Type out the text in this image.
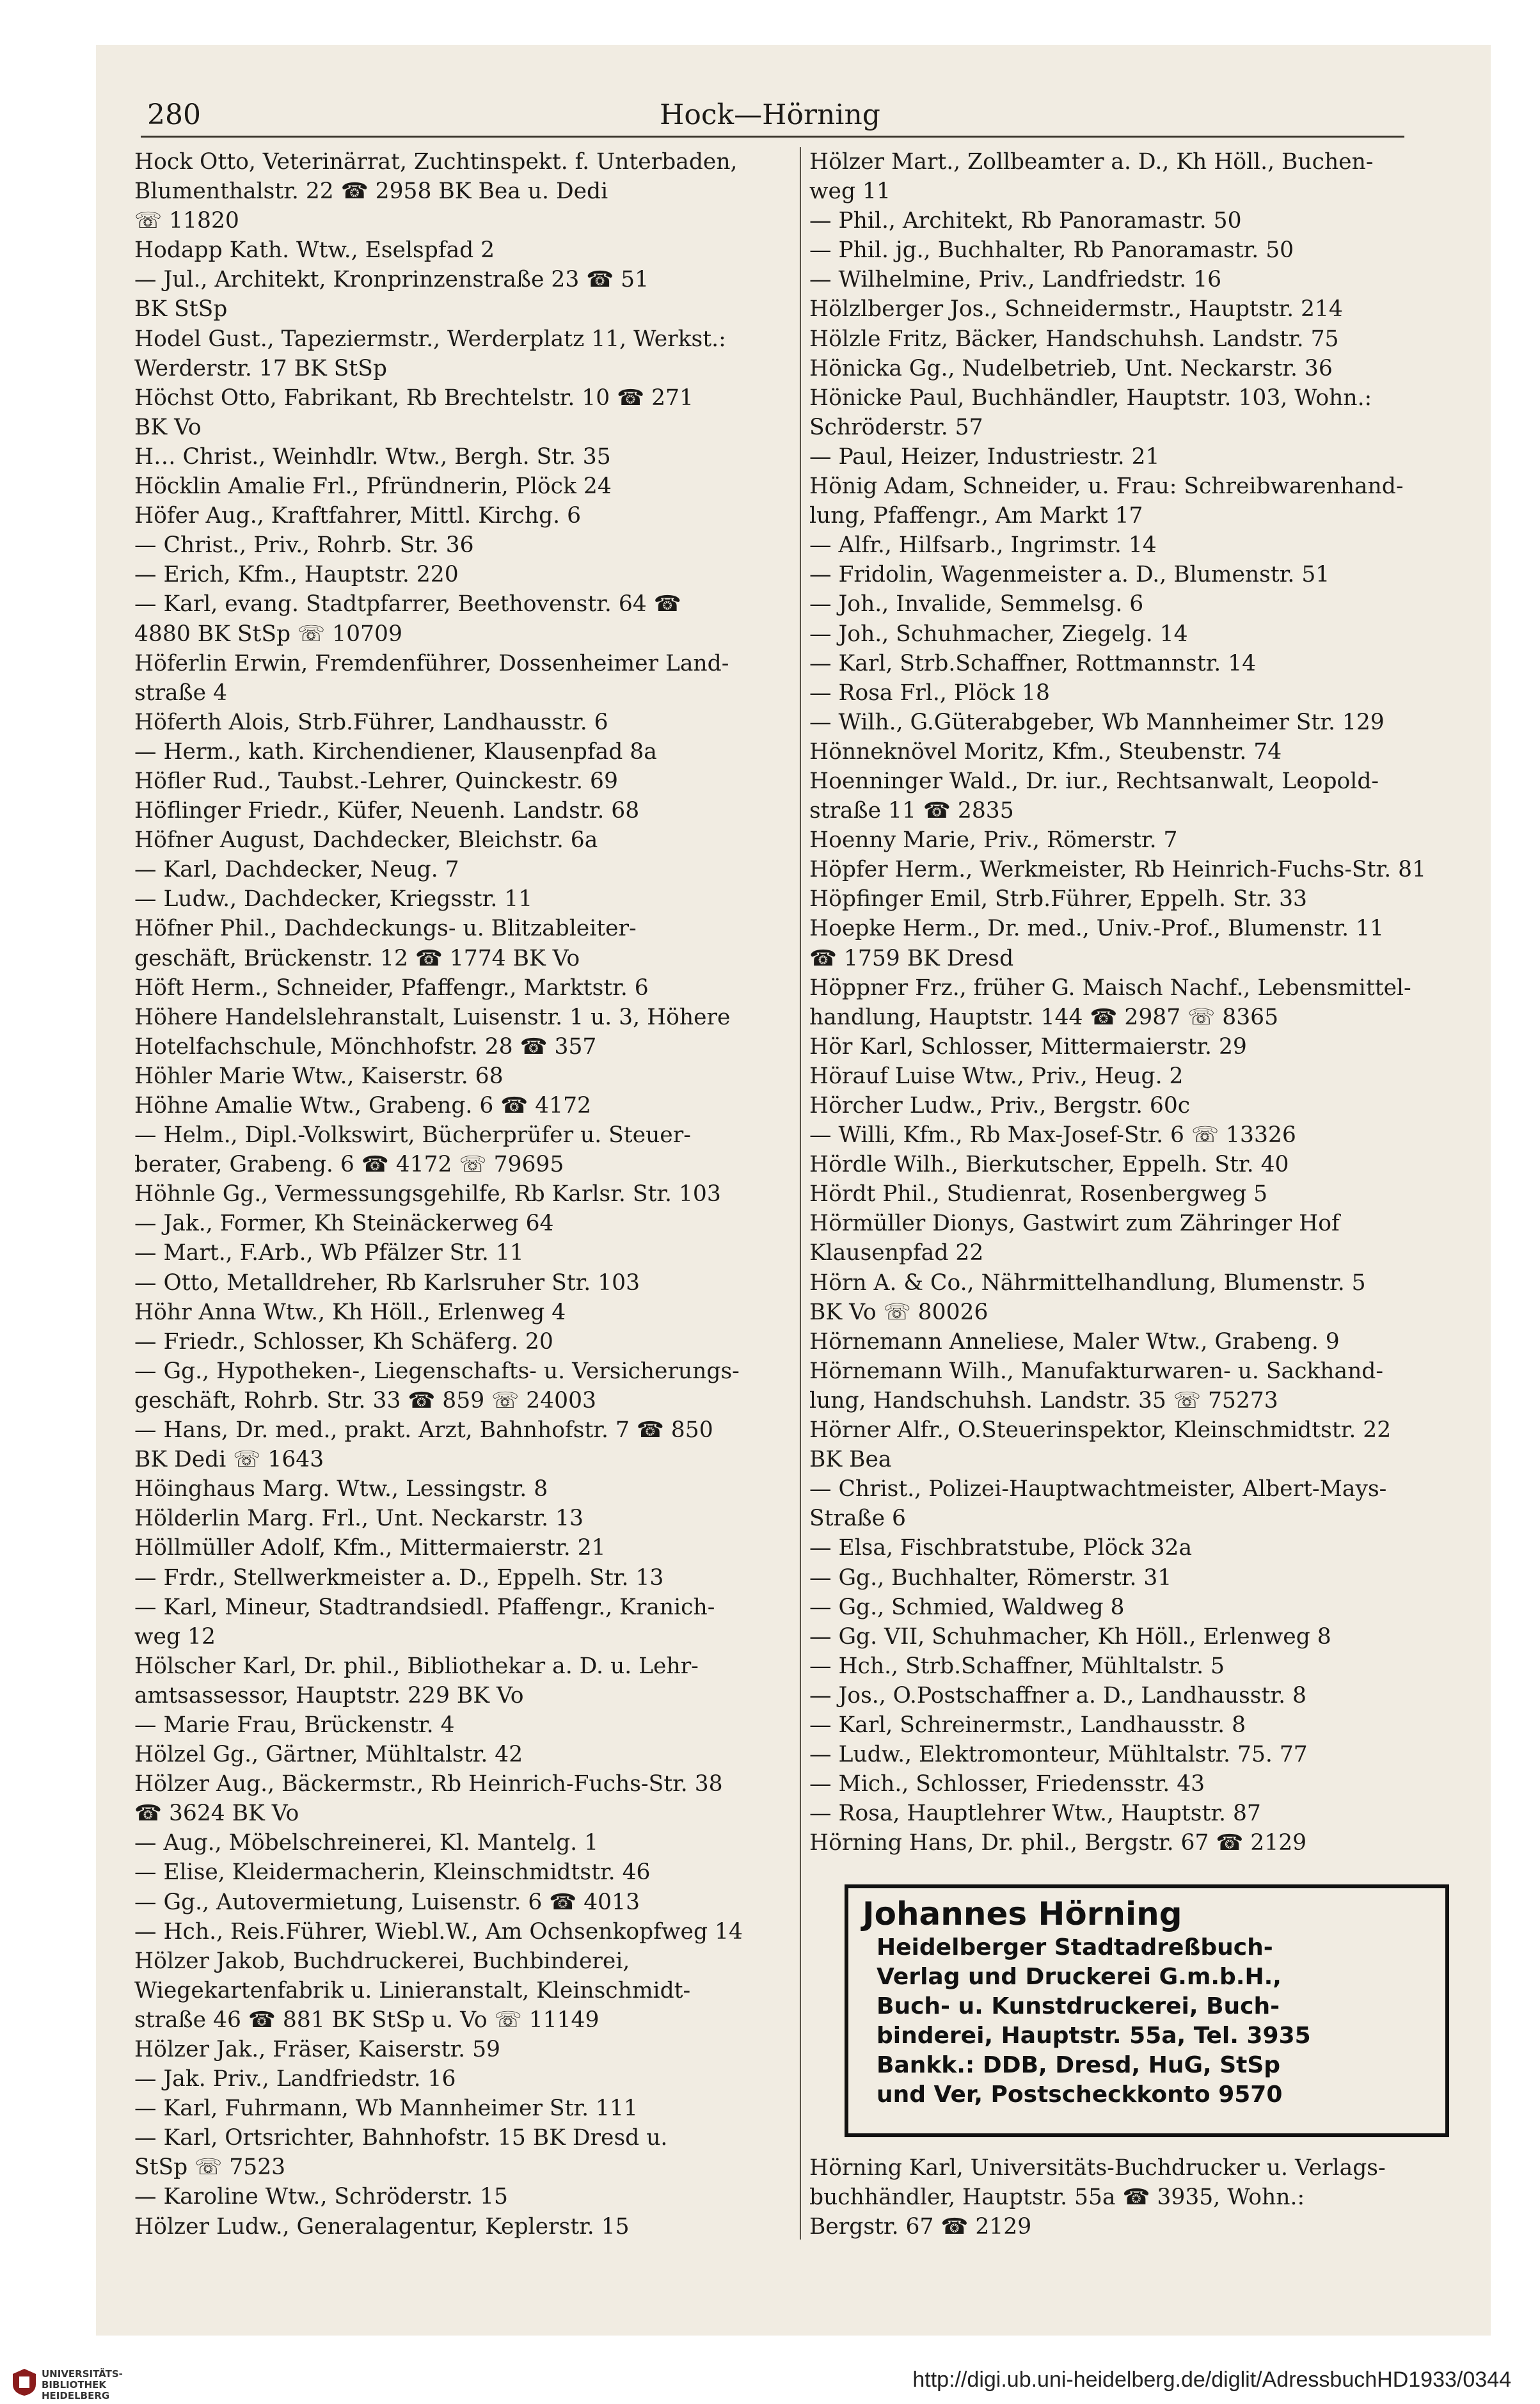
280	Hock—Hörning
Hock Otto, Veterinärrat, Zuchtinspekt. f. Unterbaden,
Blumenthalstr. 22 ☎ 2958 BK Bea u. Dedi
☏ 11820
Hodapp Kath. Wtw., Eselspfad 2
— Jul., Architekt, Kronprinzenstraße 23 ☎ 51
BK StSp
Hodel Gust., Tapeziermstr., Werderplatz 11, Werkst.:
Werderstr. 17 BK StSp
Höchst Otto, Fabrikant, Rb Brechtelstr. 10 ☎ 271
BK Vo
H… Christ., Weinhdlr. Wtw., Bergh. Str. 35
Höcklin Amalie Frl., Pfründnerin, Plöck 24
Höfer Aug., Kraftfahrer, Mittl. Kirchg. 6
— Christ., Priv., Rohrb. Str. 36
— Erich, Kfm., Hauptstr. 220
— Karl, evang. Stadtpfarrer, Beethovenstr. 64 ☎
4880 BK StSp ☏ 10709
Höferlin Erwin, Fremdenführer, Dossenheimer Land-
straße 4
Höferth Alois, Strb.Führer, Landhausstr. 6
— Herm., kath. Kirchendiener, Klausenpfad 8a
Höfler Rud., Taubst.-Lehrer, Quinckestr. 69
Höflinger Friedr., Küfer, Neuenh. Landstr. 68
Höfner August, Dachdecker, Bleichstr. 6a
— Karl, Dachdecker, Neug. 7
— Ludw., Dachdecker, Kriegsstr. 11
Höfner Phil., Dachdeckungs- u. Blitzableiter-
geschäft, Brückenstr. 12 ☎ 1774 BK Vo
Höft Herm., Schneider, Pfaffengr., Marktstr. 6
Höhere Handelslehranstalt, Luisenstr. 1 u. 3, Höhere
Hotelfachschule, Mönchhofstr. 28 ☎ 357
Höhler Marie Wtw., Kaiserstr. 68
Höhne Amalie Wtw., Grabeng. 6 ☎ 4172
— Helm., Dipl.-Volkswirt, Bücherprüfer u. Steuer-
berater, Grabeng. 6 ☎ 4172 ☏ 79695
Höhnle Gg., Vermessungsgehilfe, Rb Karlsr. Str. 103
— Jak., Former, Kh Steinäckerweg 64
— Mart., F.Arb., Wb Pfälzer Str. 11
— Otto, Metalldreher, Rb Karlsruher Str. 103
Höhr Anna Wtw., Kh Höll., Erlenweg 4
— Friedr., Schlosser, Kh Schäferg. 20
— Gg., Hypotheken-, Liegenschafts- u. Versicherungs-
geschäft, Rohrb. Str. 33 ☎ 859 ☏ 24003
— Hans, Dr. med., prakt. Arzt, Bahnhofstr. 7 ☎ 850
BK Dedi ☏ 1643
Höinghaus Marg. Wtw., Lessingstr. 8
Hölderlin Marg. Frl., Unt. Neckarstr. 13
Höllmüller Adolf, Kfm., Mittermaierstr. 21
— Frdr., Stellwerkmeister a. D., Eppelh. Str. 13
— Karl, Mineur, Stadtrandsiedl. Pfaffengr., Kranich-
weg 12
Hölscher Karl, Dr. phil., Bibliothekar a. D. u. Lehr-
amtsassessor, Hauptstr. 229 BK Vo
— Marie Frau, Brückenstr. 4
Hölzel Gg., Gärtner, Mühltalstr. 42
Hölzer Aug., Bäckermstr., Rb Heinrich-Fuchs-Str. 38
☎ 3624 BK Vo
— Aug., Möbelschreinerei, Kl. Mantelg. 1
— Elise, Kleidermacherin, Kleinschmidtstr. 46
— Gg., Autovermietung, Luisenstr. 6 ☎ 4013
— Hch., Reis.Führer, Wiebl.W., Am Ochsenkopfweg 14
Hölzer Jakob, Buchdruckerei, Buchbinderei,
Wiegekartenfabrik u. Linieranstalt, Kleinschmidt-
straße 46 ☎ 881 BK StSp u. Vo ☏ 11149
Hölzer Jak., Fräser, Kaiserstr. 59
— Jak. Priv., Landfriedstr. 16
— Karl, Fuhrmann, Wb Mannheimer Str. 111
— Karl, Ortsrichter, Bahnhofstr. 15 BK Dresd u.
StSp ☏ 7523
— Karoline Wtw., Schröderstr. 15
Hölzer Ludw., Generalagentur, Keplerstr. 15
Hölzer Mart., Zollbeamter a. D., Kh Höll., Buchen-
weg 11
— Phil., Architekt, Rb Panoramastr. 50
— Phil. jg., Buchhalter, Rb Panoramastr. 50
— Wilhelmine, Priv., Landfriedstr. 16
Hölzlberger Jos., Schneidermstr., Hauptstr. 214
Hölzle Fritz, Bäcker, Handschuhsh. Landstr. 75
Hönicka Gg., Nudelbetrieb, Unt. Neckarstr. 36
Hönicke Paul, Buchhändler, Hauptstr. 103, Wohn.:
Schröderstr. 57
— Paul, Heizer, Industriestr. 21
Hönig Adam, Schneider, u. Frau: Schreibwarenhand-
lung, Pfaffengr., Am Markt 17
— Alfr., Hilfsarb., Ingrimstr. 14
— Fridolin, Wagenmeister a. D., Blumenstr. 51
— Joh., Invalide, Semmelsg. 6
— Joh., Schuhmacher, Ziegelg. 14
— Karl, Strb.Schaffner, Rottmannstr. 14
— Rosa Frl., Plöck 18
— Wilh., G.Güterabgeber, Wb Mannheimer Str. 129
Hönneknövel Moritz, Kfm., Steubenstr. 74
Hoenninger Wald., Dr. iur., Rechtsanwalt, Leopold-
straße 11 ☎ 2835
Hoenny Marie, Priv., Römerstr. 7
Höpfer Herm., Werkmeister, Rb Heinrich-Fuchs-Str. 81
Höpfinger Emil, Strb.Führer, Eppelh. Str. 33
Hoepke Herm., Dr. med., Univ.-Prof., Blumenstr. 11
☎ 1759 BK Dresd
Höppner Frz., früher G. Maisch Nachf., Lebensmittel-
handlung, Hauptstr. 144 ☎ 2987 ☏ 8365
Hör Karl, Schlosser, Mittermaierstr. 29
Hörauf Luise Wtw., Priv., Heug. 2
Hörcher Ludw., Priv., Bergstr. 60c
— Willi, Kfm., Rb Max-Josef-Str. 6 ☏ 13326
Hördle Wilh., Bierkutscher, Eppelh. Str. 40
Hördt Phil., Studienrat, Rosenbergweg 5
Hörmüller Dionys, Gastwirt zum Zähringer Hof
Klausenpfad 22
Hörn A. & Co., Nährmittelhandlung, Blumenstr. 5
BK Vo ☏ 80026
Hörnemann Anneliese, Maler Wtw., Grabeng. 9
Hörnemann Wilh., Manufakturwaren- u. Sackhand-
lung, Handschuhsh. Landstr. 35 ☏ 75273
Hörner Alfr., O.Steuerinspektor, Kleinschmidtstr. 22
BK Bea
— Christ., Polizei-Hauptwachtmeister, Albert-Mays-
Straße 6
— Elsa, Fischbratstube, Plöck 32a
— Gg., Buchhalter, Römerstr. 31
— Gg., Schmied, Waldweg 8
— Gg. VII, Schuhmacher, Kh Höll., Erlenweg 8
— Hch., Strb.Schaffner, Mühltalstr. 5
— Jos., O.Postschaffner a. D., Landhausstr. 8
— Karl, Schreinermstr., Landhausstr. 8
— Ludw., Elektromonteur, Mühltalstr. 75. 77
— Mich., Schlosser, Friedensstr. 43
— Rosa, Hauptlehrer Wtw., Hauptstr. 87
Hörning Hans, Dr. phil., Bergstr. 67 ☎ 2129
Johannes Hörning
Heidelberger Stadtadreßbuch-
Verlag und Druckerei G.m.b.H.,
Buch- u. Kunstdruckerei, Buch-
binderei, Hauptstr. 55a, Tel. 3935
Bankk.: DDB, Dresd, HuG, StSp
und Ver, Postscheckkonto 9570
Hörning Karl, Universitäts-Buchdrucker u. Verlags-
buchhändler, Hauptstr. 55a ☎ 3935, Wohn.:
Bergstr. 67 ☎ 2129
UNIVERSITÄTS-
BIBLIOTHEK
HEIDELBERG
http://digi.ub.uni-heidelberg.de/diglit/AdressbuchHD1933/0344
